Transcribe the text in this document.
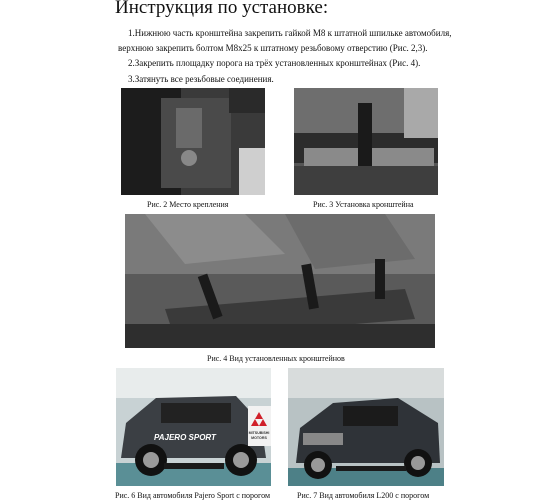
Инструкция по установке:
1.Нижнюю часть кронштейна закрепить гайкой М8 к штатной шпильке автомобиля,
верхнюю закрепить болтом М8х25 к штатному резьбовому отверстию (Рис. 2,3).
2.Закрепить площадку порога на трёх установленных кронштейнах (Рис. 4).
3.Затянуть все резьбовые соединения.
Рис. 2 Место крепления	Рис. 3 Установка кронштейна
Рис. 4 Вид установленных кронштейнов
PAJERO SPORT	MITSUBISHI
MOTORS
Рис. 6 Вид автомобиля Pajero Sport с порогом	Рис. 7 Вид автомобиля L200 с порогом
